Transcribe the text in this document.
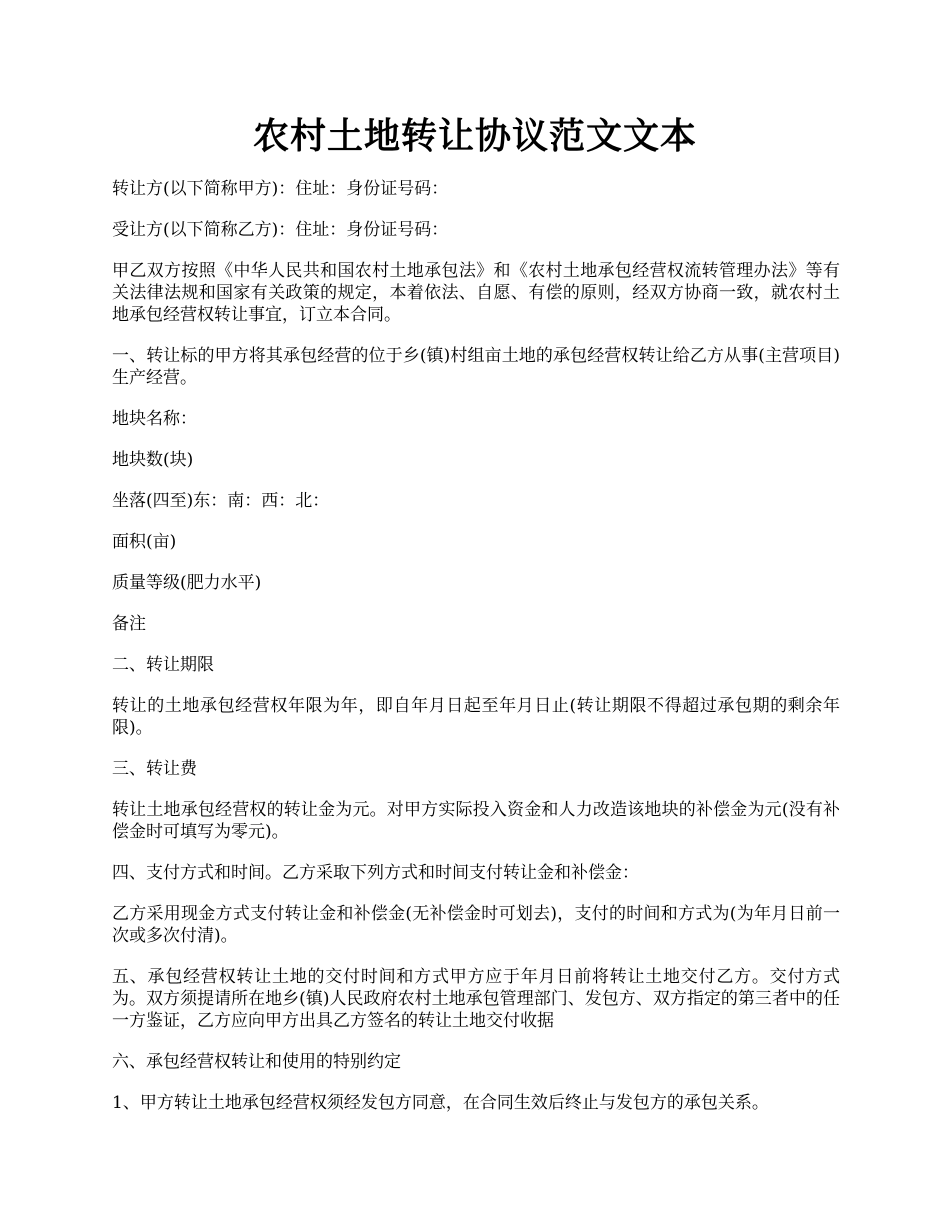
农村土地转让协议范文文本

转让方(以下简称甲方)：住址：身份证号码：

受让方(以下简称乙方)：住址：身份证号码：

甲乙双方按照《中华人民共和国农村土地承包法》和《农村土地承包经营权流转管理办法》等有关法律法规和国家有关政策的规定，本着依法、自愿、有偿的原则，经双方协商一致，就农村土地承包经营权转让事宜，订立本合同。

一、转让标的甲方将其承包经营的位于乡(镇)村组亩土地的承包经营权转让给乙方从事(主营项目)生产经营。

地块名称：

地块数(块)

坐落(四至)东：南：西：北：

面积(亩)

质量等级(肥力水平)

备注

二、转让期限

转让的土地承包经营权年限为年，即自年月日起至年月日止(转让期限不得超过承包期的剩余年限)。

三、转让费

转让土地承包经营权的转让金为元。对甲方实际投入资金和人力改造该地块的补偿金为元(没有补偿金时可填写为零元)。

四、支付方式和时间。乙方采取下列方式和时间支付转让金和补偿金：

乙方采用现金方式支付转让金和补偿金(无补偿金时可划去)，支付的时间和方式为(为年月日前一次或多次付清)。

五、承包经营权转让土地的交付时间和方式甲方应于年月日前将转让土地交付乙方。交付方式为。双方须提请所在地乡(镇)人民政府农村土地承包管理部门、发包方、双方指定的第三者中的任一方鉴证，乙方应向甲方出具乙方签名的转让土地交付收据

六、承包经营权转让和使用的特别约定

1、甲方转让土地承包经营权须经发包方同意，在合同生效后终止与发包方的承包关系。
